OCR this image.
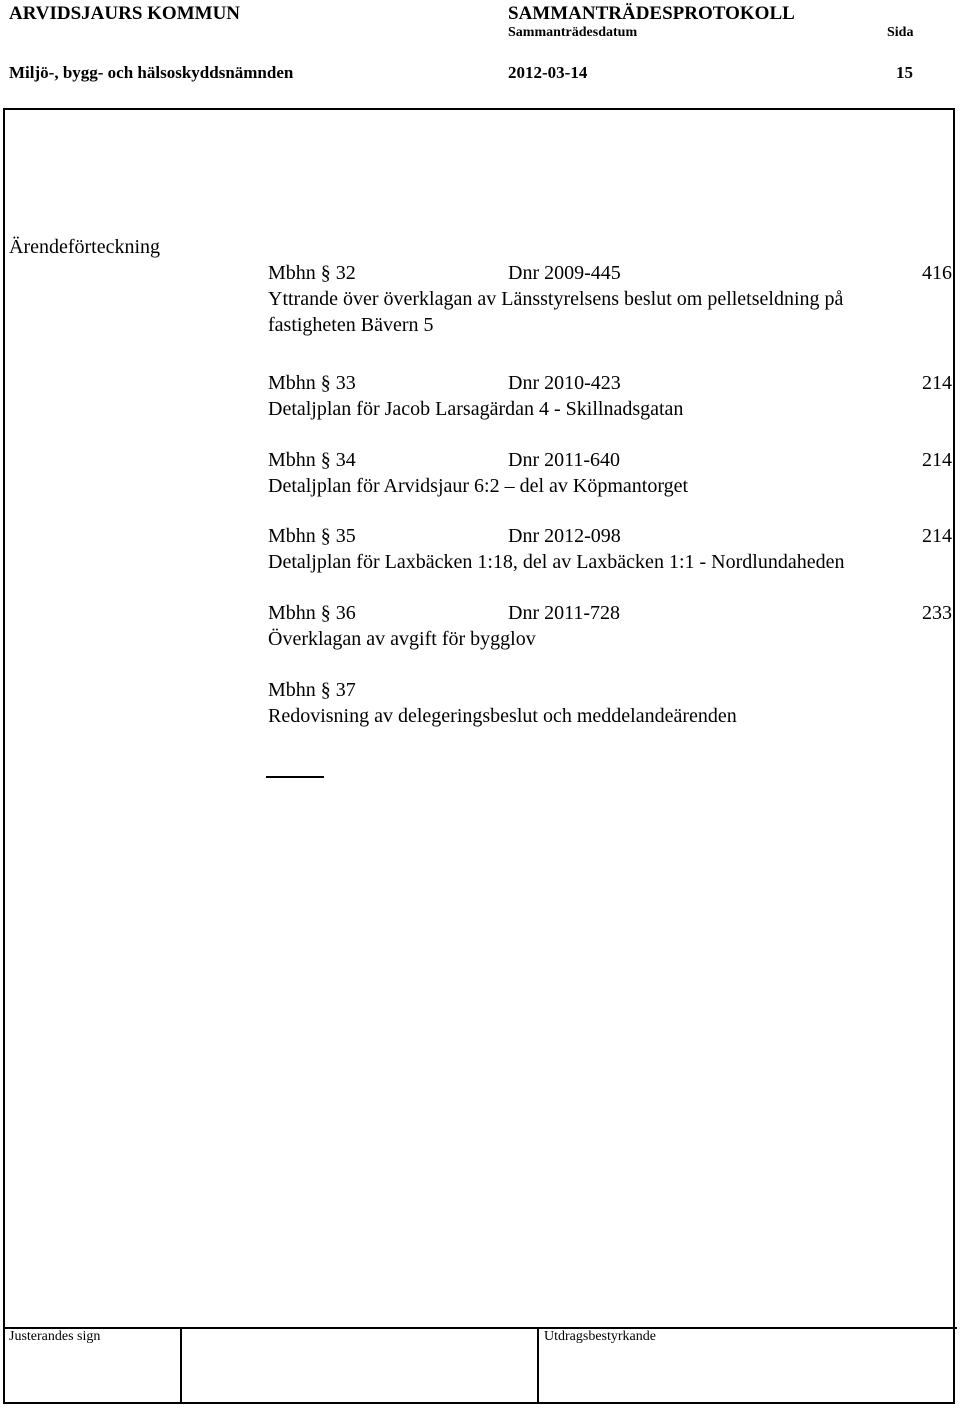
ARVIDSJAURS KOMMUN	SAMMANTRÄDESPROTOKOLL
Sammanträdesdatum	Sida
Miljö-, bygg- och hälsoskyddsnämnden	2012-03-14	15
Ärendeförteckning
Mbhn § 32	Dnr 2009-445	416
Yttrande över överklagan av Länsstyrelsens beslut om pelletseldning på fastigheten Bävern 5
Mbhn § 33	Dnr 2010-423	214
Detaljplan för Jacob Larsagärdan 4 - Skillnadsgatan
Mbhn § 34	Dnr 2011-640	214
Detaljplan för Arvidsjaur 6:2 – del av Köpmantorget
Mbhn § 35	Dnr 2012-098	214
Detaljplan för Laxbäcken 1:18, del av Laxbäcken 1:1 - Nordlundaheden
Mbhn § 36	Dnr 2011-728	233
Överklagan av avgift för bygglov
Mbhn § 37
Redovisning av delegeringsbeslut och meddelandeärenden
Justerandes sign	Utdragsbestyrkande
